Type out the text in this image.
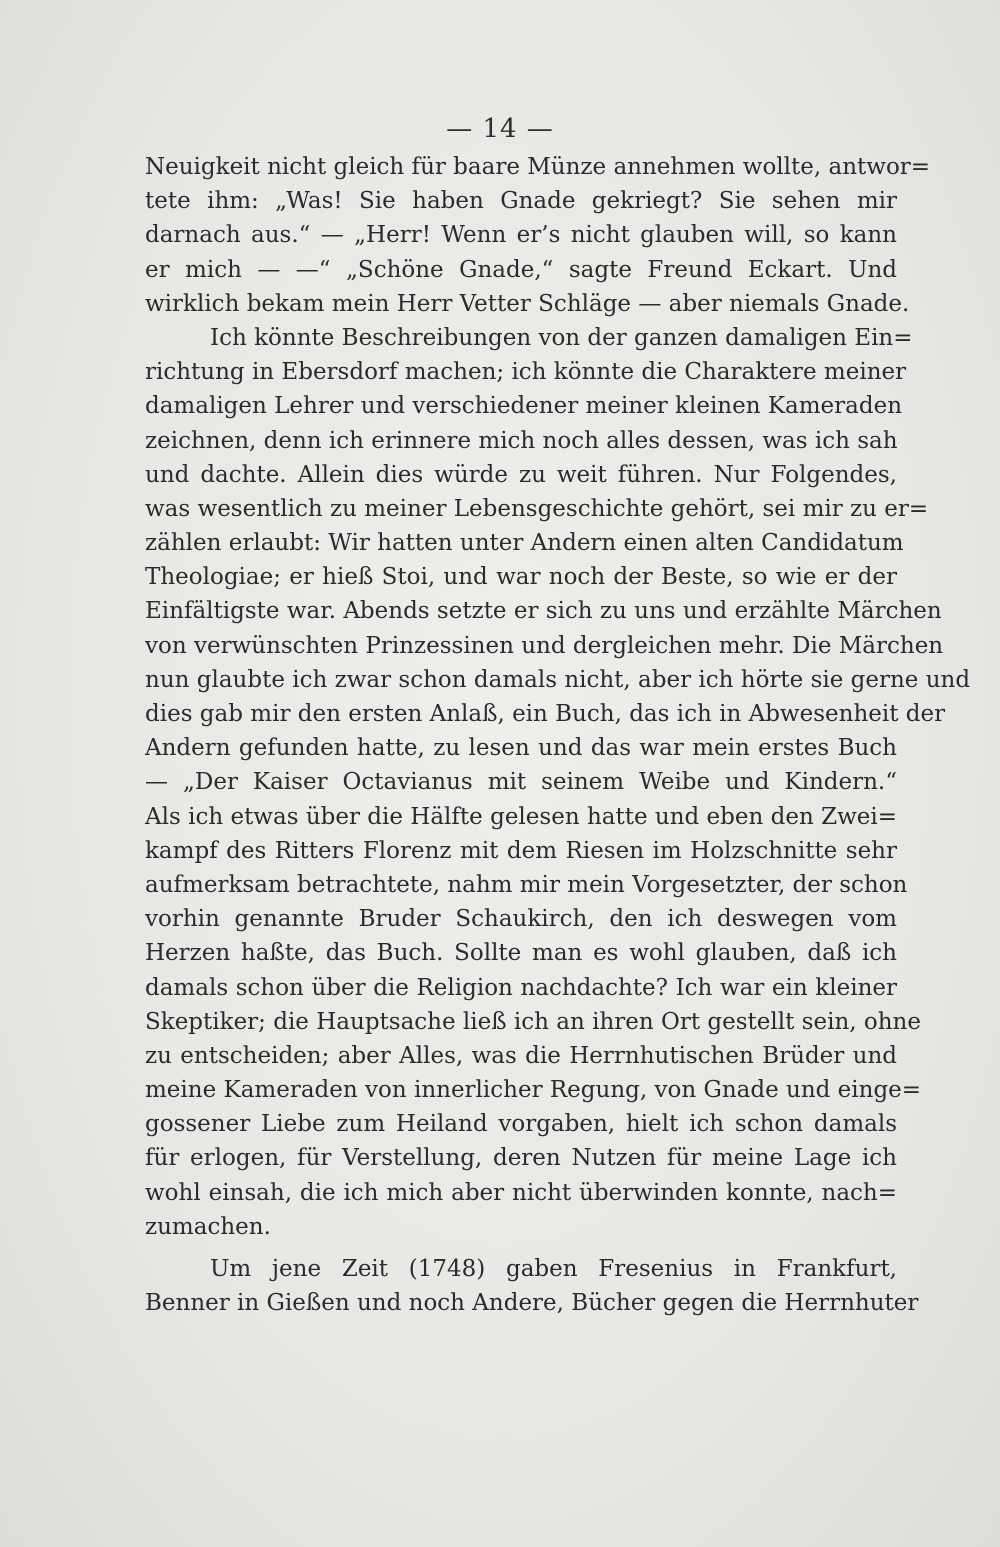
— 14 —
Neuigkeit nicht gleich für baare Münze annehmen wollte, antwor=
tete ihm: „Was! Sie haben Gnade gekriegt? Sie sehen mir
darnach aus.“ — „Herr! Wenn er’s nicht glauben will, so kann
er mich — —“ „Schöne Gnade,“ sagte Freund Eckart. Und
wirklich bekam mein Herr Vetter Schläge — aber niemals Gnade.
Ich könnte Beschreibungen von der ganzen damaligen Ein=
richtung in Ebersdorf machen; ich könnte die Charaktere meiner
damaligen Lehrer und verschiedener meiner kleinen Kameraden
zeichnen, denn ich erinnere mich noch alles dessen, was ich sah
und dachte. Allein dies würde zu weit führen. Nur Folgendes,
was wesentlich zu meiner Lebensgeschichte gehört, sei mir zu er=
zählen erlaubt: Wir hatten unter Andern einen alten Candidatum
Theologiae; er hieß Stoi, und war noch der Beste, so wie er der
Einfältigste war. Abends setzte er sich zu uns und erzählte Märchen
von verwünschten Prinzessinen und dergleichen mehr. Die Märchen
nun glaubte ich zwar schon damals nicht, aber ich hörte sie gerne und
dies gab mir den ersten Anlaß, ein Buch, das ich in Abwesenheit der
Andern gefunden hatte, zu lesen und das war mein erstes Buch
— „Der Kaiser Octavianus mit seinem Weibe und Kindern.“
Als ich etwas über die Hälfte gelesen hatte und eben den Zwei=
kampf des Ritters Florenz mit dem Riesen im Holzschnitte sehr
aufmerksam betrachtete, nahm mir mein Vorgesetzter, der schon
vorhin genannte Bruder Schaukirch, den ich deswegen vom
Herzen haßte, das Buch. Sollte man es wohl glauben, daß ich
damals schon über die Religion nachdachte? Ich war ein kleiner
Skeptiker; die Hauptsache ließ ich an ihren Ort gestellt sein, ohne
zu entscheiden; aber Alles, was die Herrnhutischen Brüder und
meine Kameraden von innerlicher Regung, von Gnade und einge=
gossener Liebe zum Heiland vorgaben, hielt ich schon damals
für erlogen, für Verstellung, deren Nutzen für meine Lage ich
wohl einsah, die ich mich aber nicht überwinden konnte, nach=
zumachen.
Um jene Zeit (1748) gaben Fresenius in Frankfurt,
Benner in Gießen und noch Andere, Bücher gegen die Herrnhuter
